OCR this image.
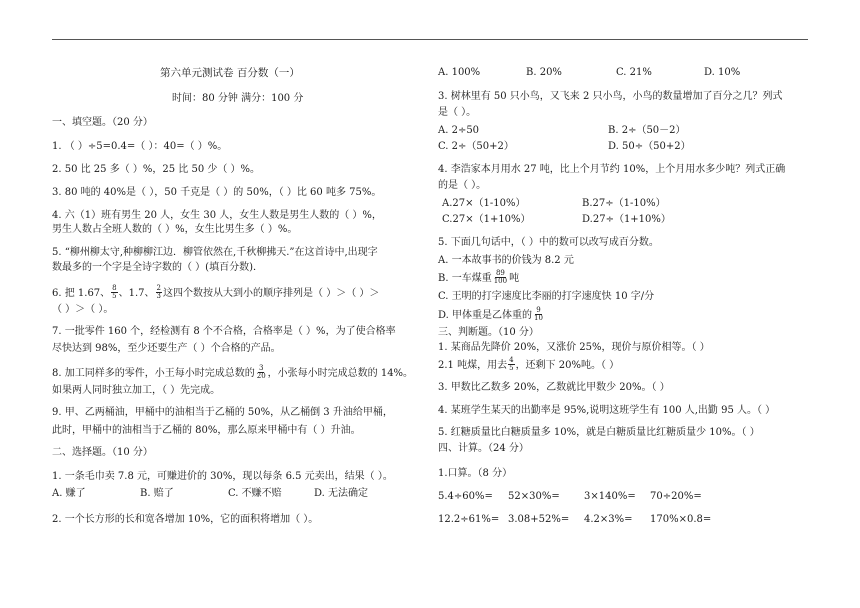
第六单元测试卷 百分数（一）
时间：80 分钟 满分：100 分
一、填空题。（20 分）
1. （ ）÷5=0.4=（ ）：40=（ ）%。
2. 50 比 25 多（ ）%，25 比 50 少（ ）%。
3. 80 吨的 40%是（ ），50 千克是（ ）的 50%，（ ）比 60 吨多 75%。
4. 六（1）班有男生 20 人，女生 30 人，女生人数是男生人数的（ ）%，
男生人数占全班人数的（ ）%，女生比男生多（ ）%。
5. “柳州柳太守,种柳柳江边．柳管依然在,千秋柳拂天.”在这首诗中,出现字
数最多的一个字是全诗字数的（ ）(填百分数)．
6. 把 1.67、 $\frac{8}{5}$ 、1.7、 $\frac{2}{3}$ 这四个数按从大到小的顺序排列是（ ）＞（ ）＞
（ ）＞（ ）。
7. 一批零件 160 个，经检测有 8 个不合格，合格率是（ ）%，为了使合格率
尽快达到 98%，至少还要生产（ ）个合格的产品。
8. 加工同样多的零件，小王每小时完成总数的 $\frac{3}{20}$ ，小张每小时完成总数的 14%。
如果两人同时独立加工，（ ）先完成。
9. 甲、乙两桶油，甲桶中的油相当于乙桶的 50%，从乙桶倒 3 升油给甲桶，
此时，甲桶中的油相当于乙桶的 80%，那么原来甲桶中有（ ）升油。
二、选择题。（10 分）
1. 一条毛巾卖 7.8 元，可赚进价的 30%，现以每条 6.5 元卖出，结果（ ）。
A. 赚了	B. 赔了	C. 不赚不赔	D. 无法确定
2. 一个长方形的长和宽各增加 10%，它的面积将增加（ ）。
A. 100%	B. 20%	C. 21%	D. 10%
3. 树林里有 50 只小鸟，又飞来 2 只小鸟，小鸟的数量增加了百分之几？列式
是（ ）。
A. 2÷50	B. 2÷（50－2）
C. 2÷（50+2）	D. 50÷（50+2）
4. 李浩家本月用水 27 吨，比上个月节约 10%，上个月用水多少吨？列式正确
的是（ ）。
A.27×（1-10%）	B.27÷（1-10%）
C.27×（1+10%）	D.27÷（1+10%）
5. 下面几句话中，（ ）中的数可以改写成百分数。
A. 一本故事书的价钱为 8.2 元
B. 一车煤重 $\frac{89}{100}$ 吨
C. 王明的打字速度比李丽的打字速度快 10 字/分
D. 甲体重是乙体重的 $\frac{9}{10}$
三、判断题。（10 分）
1. 某商品先降价 20%，又涨价 25%，现价与原价相等。（ ）
2.1 吨煤，用去 $\frac{4}{5}$ ，还剩下 20%吨。（ ）
3. 甲数比乙数多 20%，乙数就比甲数少 20%。（ ）
4. 某班学生某天的出勤率是 95%,说明这班学生有 100 人,出勤 95 人。（ ）
5. 红糖质量比白糖质量多 10%，就是白糖质量比红糖质量少 10%。（ ）
四、计算。（24 分）
1.口算。（8 分）
5.4÷60%= 52×30%= 3×140%= 70÷20%=
12.2÷61%= 3.08+52%= 4.2×3%= 170%×0.8=
